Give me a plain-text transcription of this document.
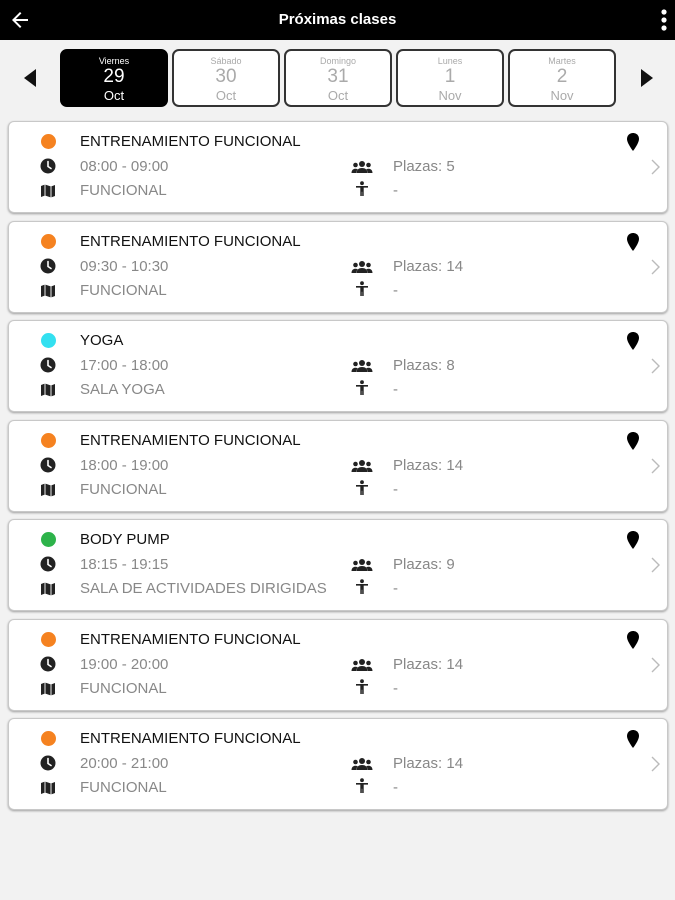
Próximas clases
Viernes
29
Oct
Sábado
30
Oct
Domingo
31
Oct
Lunes
1
Nov
Martes
2
Nov
ENTRENAMIENTO FUNCIONAL
08:00 - 09:00
FUNCIONAL
Plazas: 5
-
ENTRENAMIENTO FUNCIONAL
09:30 - 10:30
FUNCIONAL
Plazas: 14
-
YOGA
17:00 - 18:00
SALA YOGA
Plazas: 8
-
ENTRENAMIENTO FUNCIONAL
18:00 - 19:00
FUNCIONAL
Plazas: 14
-
BODY PUMP
18:15 - 19:15
SALA DE ACTIVIDADES DIRIGIDAS
Plazas: 9
-
ENTRENAMIENTO FUNCIONAL
19:00 - 20:00
FUNCIONAL
Plazas: 14
-
ENTRENAMIENTO FUNCIONAL
20:00 - 21:00
FUNCIONAL
Plazas: 14
-
